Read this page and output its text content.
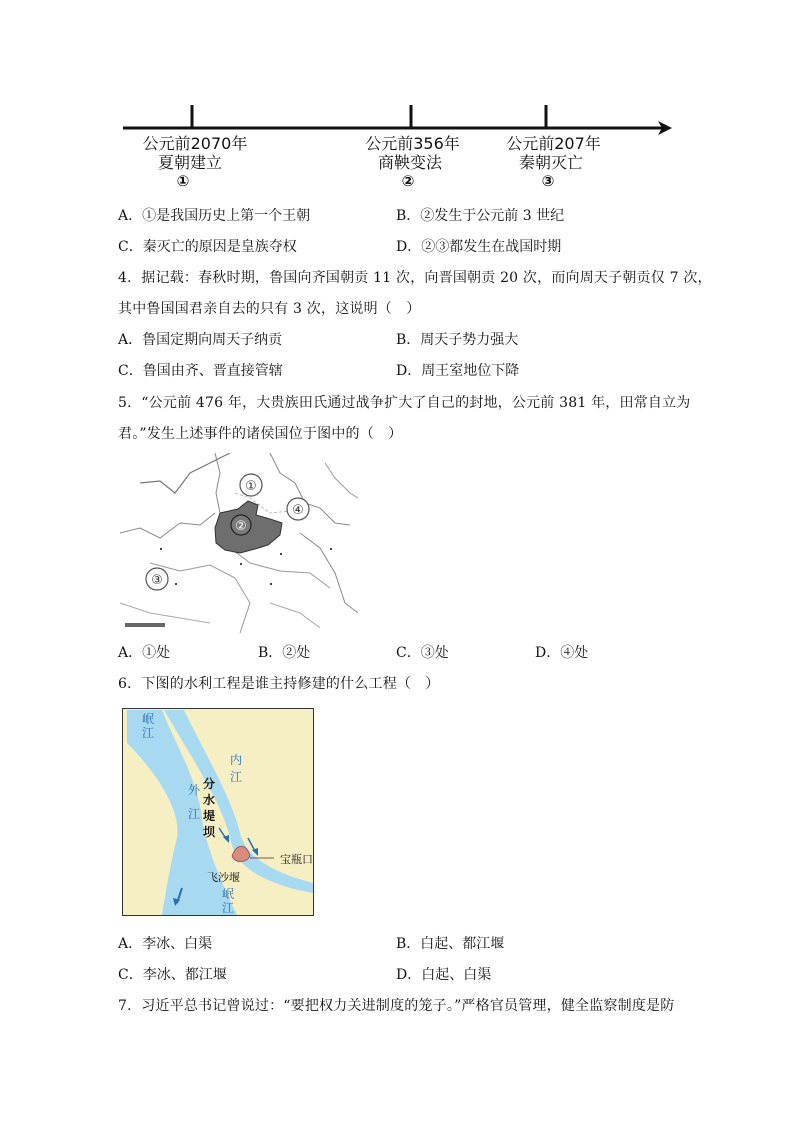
公元前2070年
夏朝建立
①
公元前356年
商鞅变法
②
公元前207年
秦朝灭亡
③
A．①是我国历史上第一个王朝	B．②发生于公元前 3 世纪
C．秦灭亡的原因是皇族夺权	D．②③都发生在战国时期
4．据记载：春秋时期，鲁国向齐国朝贡 11 次，向晋国朝贡 20 次，而向周天子朝贡仅 7 次，
其中鲁国国君亲自去的只有 3 次，这说明（　）
A．鲁国定期向周天子纳贡	B．周天子势力强大
C．鲁国由齐、晋直接管辖	D．周王室地位下降
5．“公元前 476 年，大贵族田氏通过战争扩大了自己的封地，公元前 381 年，田常自立为
君。”发生上述事件的诸侯国位于图中的（　）
①
②
③
④
A．①处	B．②处	C．③处	D．④处
6．下图的水利工程是谁主持修建的什么工程（　）
岷江
内江
外江
分水堤坝
宝瓶口
飞沙堰
岷江
A．李冰、白渠	B．白起、都江堰
C．李冰、都江堰	D．白起、白渠
7．习近平总书记曾说过：“要把权力关进制度的笼子。”严格官员管理，健全监察制度是防
